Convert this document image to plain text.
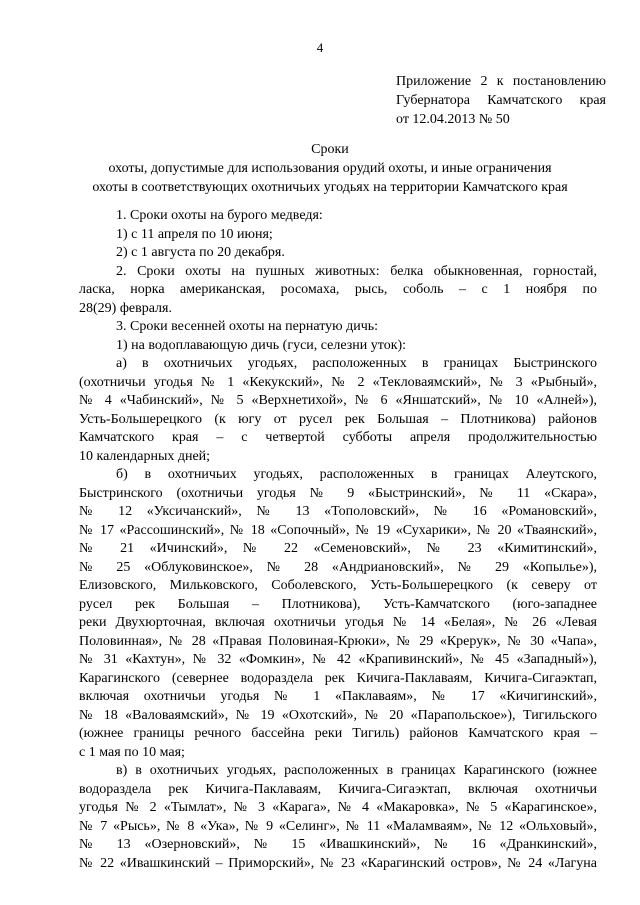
4
Приложение 2 к постановлению
Губернатора Камчатского края
от 12.04.2013 № 50
Сроки
охоты, допустимые для использования орудий охоты, и иные ограничения
охоты в соответствующих охотничьих угодьях на территории Камчатского края
1. Сроки охоты на бурого медведя:
1) с 11 апреля по 10 июня;
2) с 1 августа по 20 декабря.
2. Сроки охоты на пушных животных: белка обыкновенная, горностай,
ласка, норка американская, росомаха, рысь, соболь – с 1 ноября по
28(29) февраля.
3. Сроки весенней охоты на пернатую дичь:
1) на водоплавающую дичь (гуси, селезни уток):
а) в охотничьих угодьях, расположенных в границах Быстринского
(охотничьи угодья № 1 «Кекукский», № 2 «Текловаямский», № 3 «Рыбный»,
№ 4 «Чабинский», № 5 «Верхнетихой», № 6 «Яншатский», № 10 «Алней»),
Усть-Большерецкого (к югу от русел рек Большая – Плотникова) районов
Камчатского края – с четвертой субботы апреля продолжительностью
10 календарных дней;
б) в охотничьих угодьях, расположенных в границах Алеутского,
Быстринского (охотничьи угодья № 9 «Быстринский», № 11 «Скара»,
№ 12 «Уксичанский», № 13 «Тополовский», № 16 «Романовский»,
№ 17 «Рассошинский», № 18 «Сопочный», № 19 «Сухарики», № 20 «Тваянский»,
№ 21 «Ичинский», № 22 «Семеновский», № 23 «Кимитинский»,
№ 25 «Облуковинское», № 28 «Андриановский», № 29 «Копылье»),
Елизовского, Мильковского, Соболевского, Усть-Большерецкого (к северу от
русел рек Большая – Плотникова), Усть-Камчатского (юго-западнее
реки Двухюрточная, включая охотничьи угодья № 14 «Белая», № 26 «Левая
Половинная», № 28 «Правая Половиная-Крюки», № 29 «Крерук», № 30 «Чапа»,
№ 31 «Кахтун», № 32 «Фомкин», № 42 «Крапивинский», № 45 «Западный»),
Карагинского (севернее водораздела рек Кичига-Паклаваям, Кичига-Сигаэктап,
включая охотничьи угодья № 1 «Паклаваям», № 17 «Кичигинский»,
№ 18 «Валоваямский», № 19 «Охотский», № 20 «Парапольское»), Тигильского
(южнее границы речного бассейна реки Тигиль) районов Камчатского края –
с 1 мая по 10 мая;
в) в охотничьих угодьях, расположенных в границах Карагинского (южнее
водораздела рек Кичига-Паклаваям, Кичига-Сигаэктап, включая охотничьи
угодья № 2 «Тымлат», № 3 «Карага», № 4 «Макаровка», № 5 «Карагинское»,
№ 7 «Рысь», № 8 «Ука», № 9 «Селинг», № 11 «Маламваям», № 12 «Ольховый»,
№ 13 «Озерновский», № 15 «Ивашкинский», № 16 «Дранкинский»,
№ 22 «Ивашкинский – Приморский», № 23 «Карагинский остров», № 24 «Лагуна
